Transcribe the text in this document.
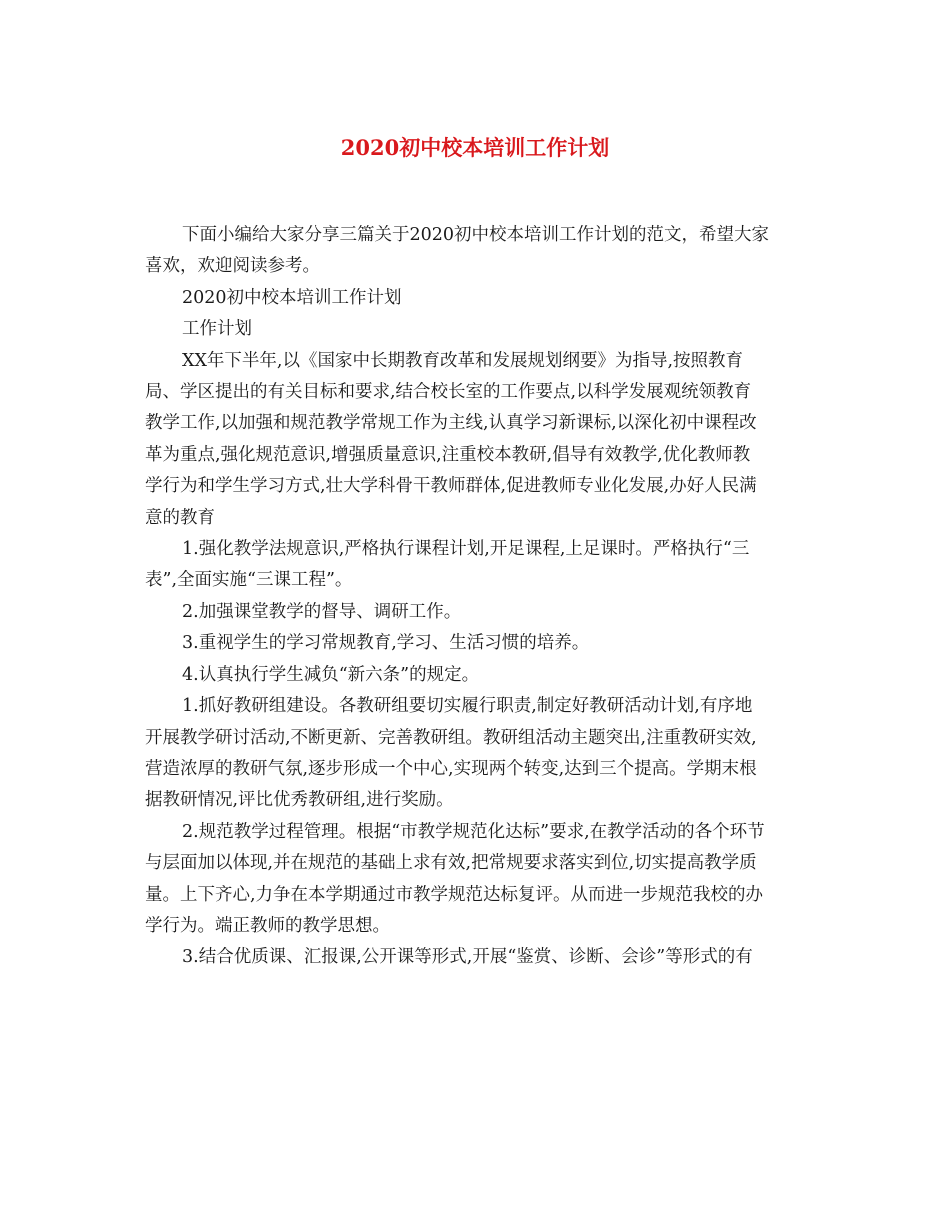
2020初中校本培训工作计划
下面小编给大家分享三篇关于2020初中校本培训工作计划的范文，希望大家
喜欢，欢迎阅读参考。
2020初中校本培训工作计划
工作计划
XX年下半年,以《国家中长期教育改革和发展规划纲要》为指导,按照教育
局、学区提出的有关目标和要求,结合校长室的工作要点,以科学发展观统领教育
教学工作,以加强和规范教学常规工作为主线,认真学习新课标,以深化初中课程改
革为重点,强化规范意识,增强质量意识,注重校本教研,倡导有效教学,优化教师教
学行为和学生学习方式,壮大学科骨干教师群体,促进教师专业化发展,办好人民满
意的教育
1.强化教学法规意识,严格执行课程计划,开足课程,上足课时。严格执行“三
表”,全面实施“三课工程”。
2.加强课堂教学的督导、调研工作。
3.重视学生的学习常规教育,学习、生活习惯的培养。
4.认真执行学生减负“新六条”的规定。
1.抓好教研组建设。各教研组要切实履行职责,制定好教研活动计划,有序地
开展教学研讨活动,不断更新、完善教研组。教研组活动主题突出,注重教研实效,
营造浓厚的教研气氛,逐步形成一个中心,实现两个转变,达到三个提高。学期末根
据教研情况,评比优秀教研组,进行奖励。
2.规范教学过程管理。根据“市教学规范化达标”要求,在教学活动的各个环节
与层面加以体现,并在规范的基础上求有效,把常规要求落实到位,切实提高教学质
量。上下齐心,力争在本学期通过市教学规范达标复评。从而进一步规范我校的办
学行为。端正教师的教学思想。
3.结合优质课、汇报课,公开课等形式,开展“鉴赏、诊断、会诊”等形式的有
